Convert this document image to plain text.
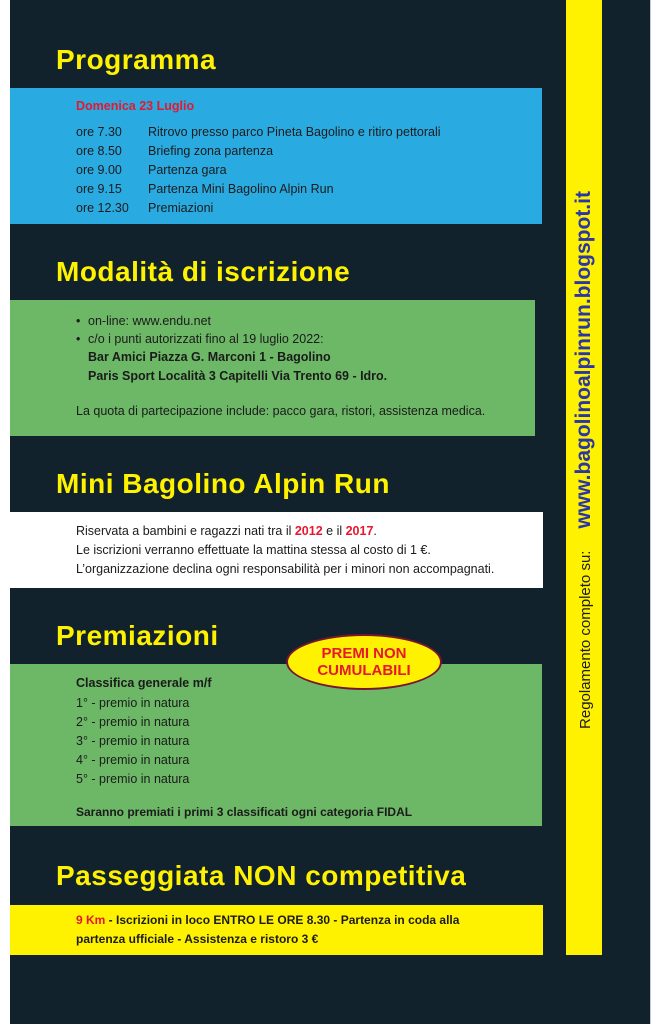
Programma
Domenica 23 Luglio
ore 7.30 Ritrovo presso parco Pineta Bagolino e ritiro pettorali
ore 8.50 Briefing zona partenza
ore 9.00 Partenza gara
ore 9.15 Partenza Mini Bagolino Alpin Run
ore 12.30 Premiazioni
Modalità di iscrizione
• on-line: www.endu.net
• c/o i punti autorizzati fino al 19 luglio 2022:
Bar Amici Piazza G. Marconi 1 - Bagolino
Paris Sport Località 3 Capitelli Via Trento 69 - Idro.
La quota di partecipazione include: pacco gara, ristori, assistenza medica.
Mini Bagolino Alpin Run
Riservata a bambini e ragazzi nati tra il 2012 e il 2017.
Le iscrizioni verranno effettuate la mattina stessa al costo di 1 €.
L’organizzazione declina ogni responsabilità per i minori non accompagnati.
Premiazioni
Classifica generale m/f
1° - premio in natura
2° - premio in natura
3° - premio in natura
4° - premio in natura
5° - premio in natura
Saranno premiati i primi 3 classificati ogni categoria FIDAL
PREMI NON
CUMULABILI
Passeggiata NON competitiva
9 Km - Iscrizioni in loco ENTRO LE ORE 8.30 - Partenza in coda alla
partenza ufficiale - Assistenza e ristoro 3 €
Regolamento completo su:www.bagolinoalpinrun.blogspot.it
